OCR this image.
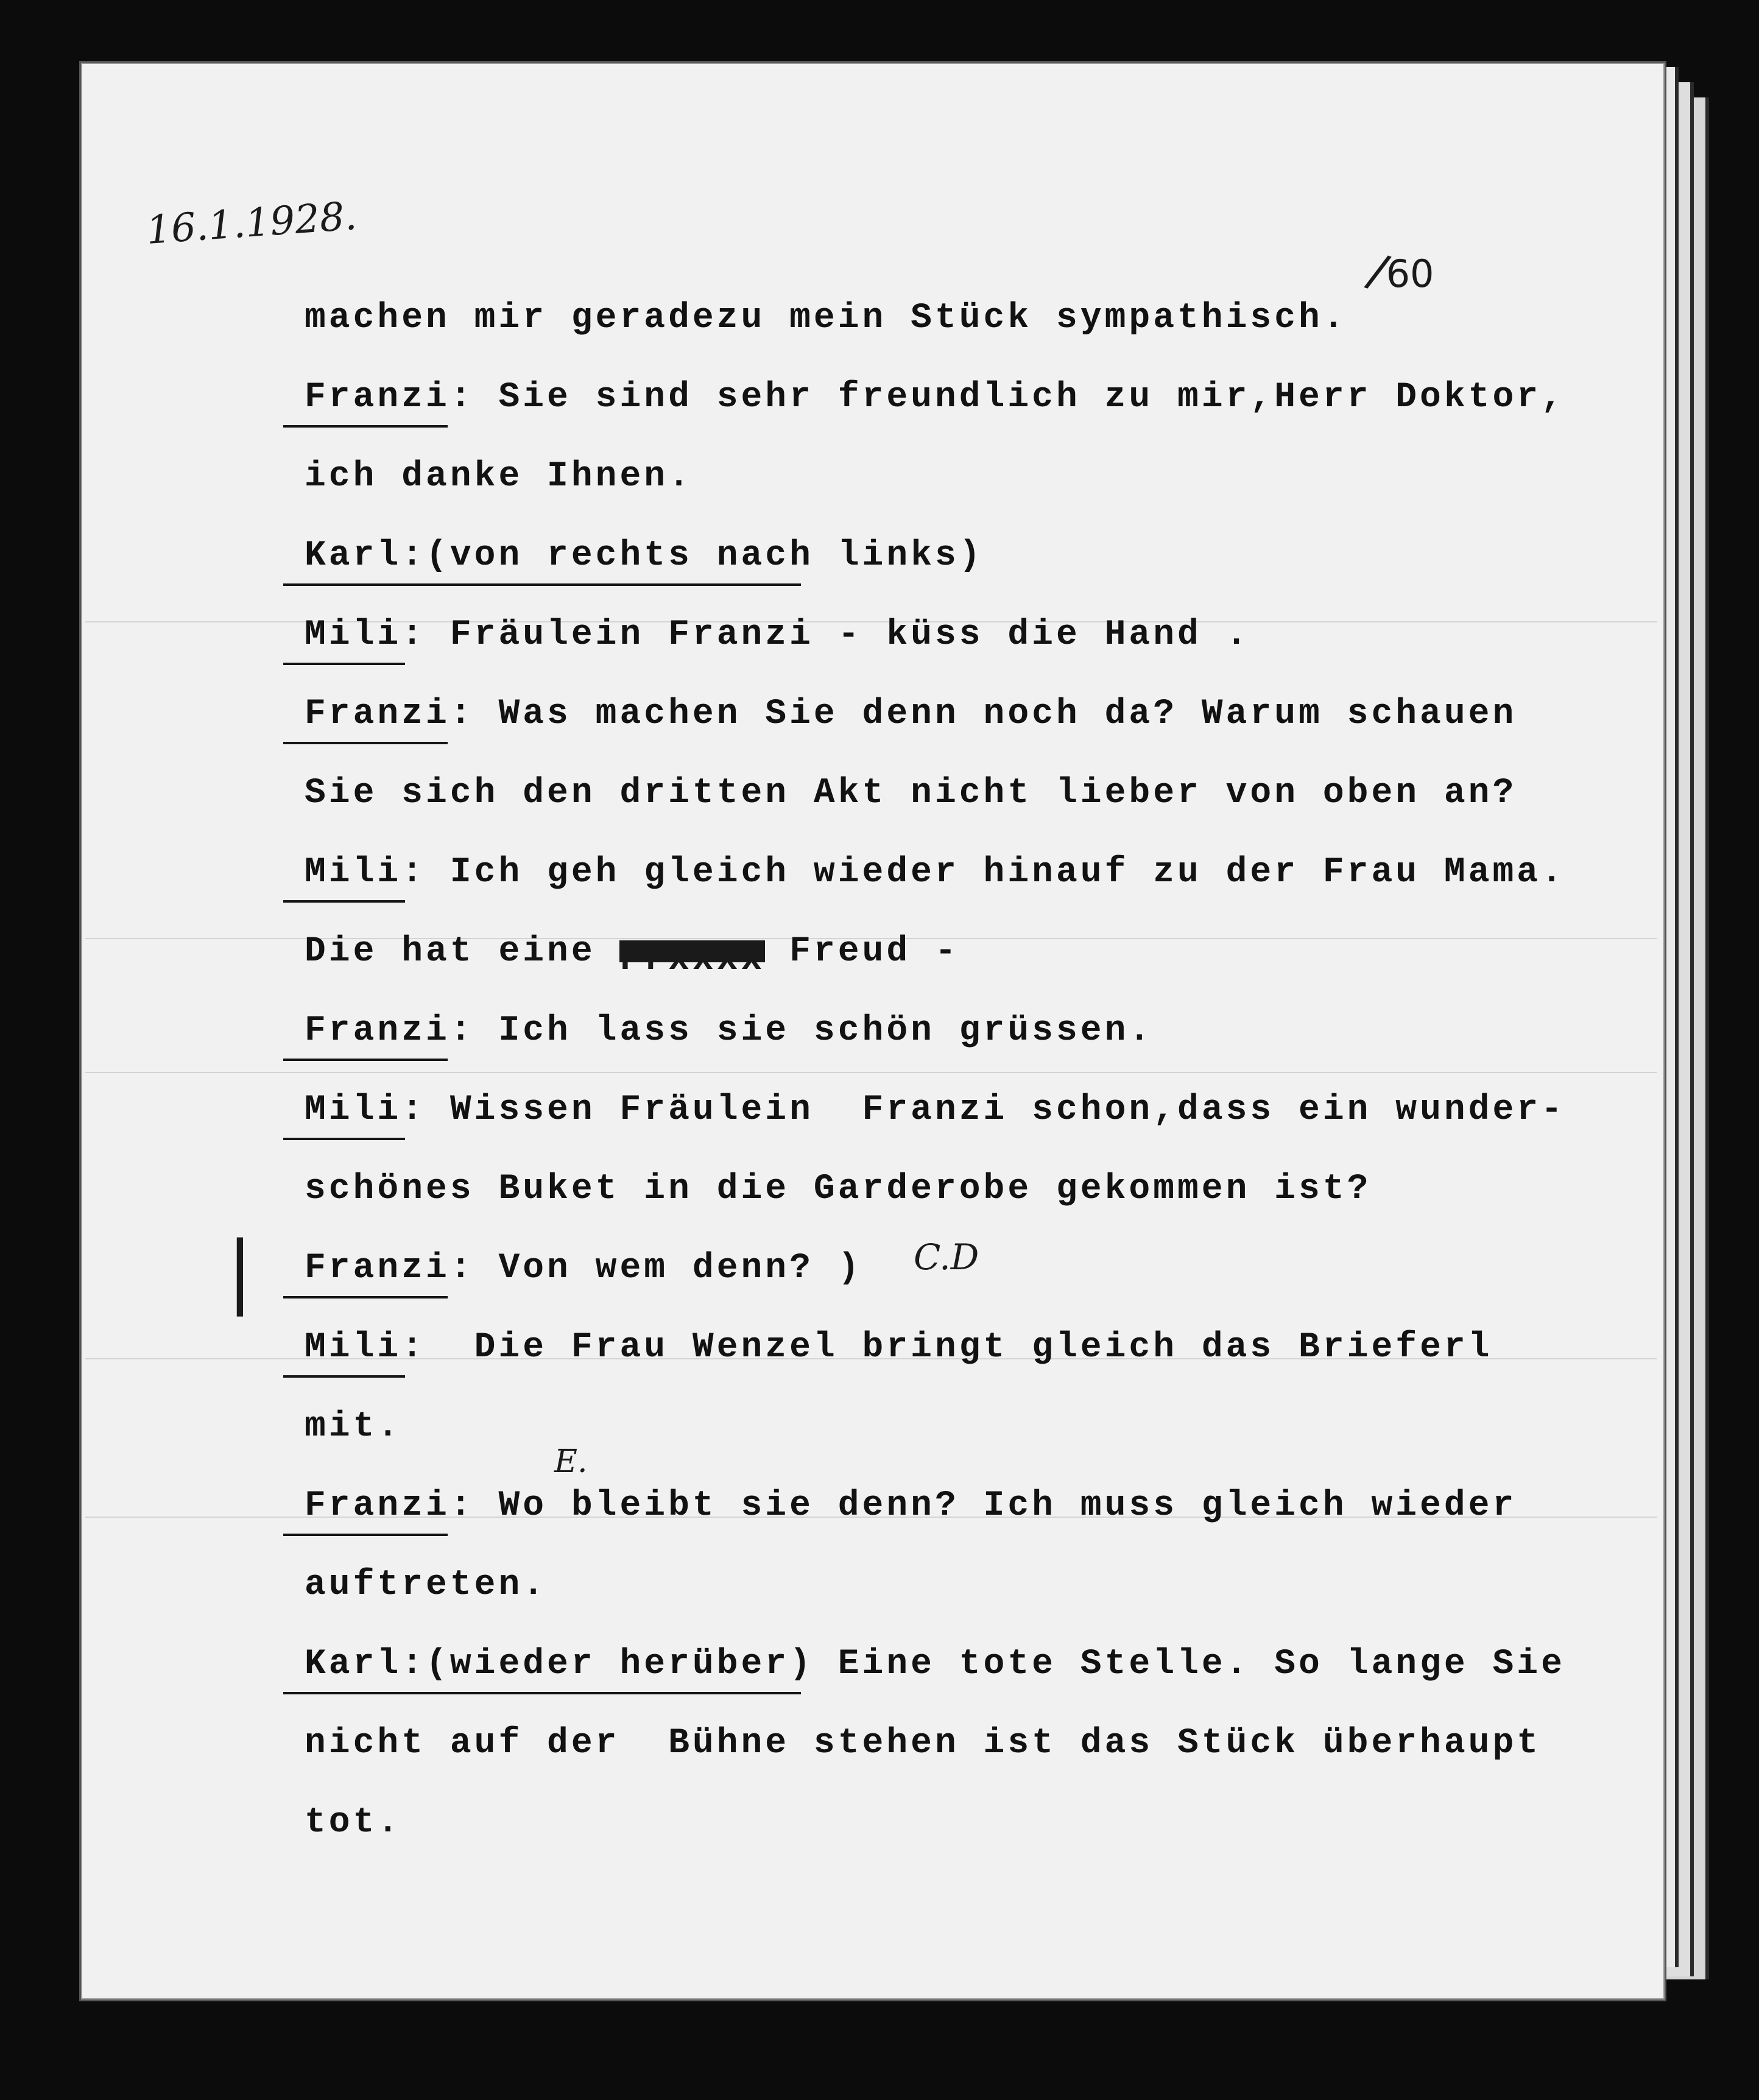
16.1.1928.
/60
C.D
E.
|
machen mir geradezu mein Stück sympathisch.
Franzi: Sie sind sehr freundlich zu mir,Herr Doktor,
ich danke Ihnen.
Karl:(von rechts nach links)
Mili: Fräulein Franzi - küss die Hand .
Franzi: Was machen Sie denn noch da? Warum schauen
Sie sich den dritten Akt nicht lieber von oben an?
Mili: Ich geh gleich wieder hinauf zu der Frau Mama.
Die hat eine Frxxxx Freud -
Franzi: Ich lass sie schön grüssen.
Mili: Wissen Fräulein  Franzi schon,dass ein wunder-
schönes Buket in die Garderobe gekommen ist?
Franzi: Von wem denn? )
Mili:  Die Frau Wenzel bringt gleich das Brieferl
mit.
Franzi: Wo bleibt sie denn? Ich muss gleich wieder
auftreten.
Karl:(wieder herüber) Eine tote Stelle. So lange Sie
nicht auf der  Bühne stehen ist das Stück überhaupt
tot.
